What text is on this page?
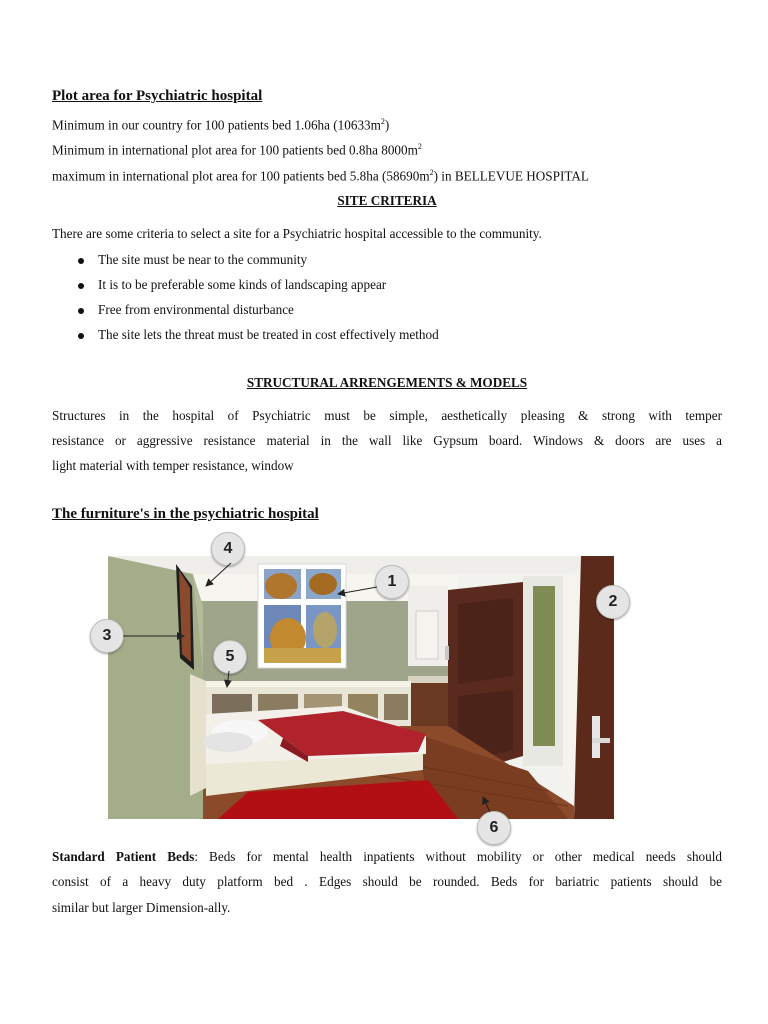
Plot area for Psychiatric hospital
Minimum in our country for 100 patients bed 1.06ha $(10633m^2)$
Minimum in international plot area for 100 patients bed 0.8ha $8000m^2$
maximum in international plot area for 100 patients bed 5.8ha $(58690m^2)$ in BELLEVUE HOSPITAL
SITE CRITERIA
There are some criteria to select a site for a Psychiatric hospital accessible to the community.
The site must be near to the community
It is to be preferable some kinds of landscaping appear
Free from environmental disturbance
The site lets the threat must be treated in cost effectively method
STRUCTURAL ARRENGEMENTS & MODELS
Structures in the hospital of Psychiatric must be simple, aesthetically pleasing & strong with temper
resistance or aggressive resistance material in the wall like Gypsum board. Windows & doors are uses a
light material with temper resistance, window
The furniture's in the psychiatric hospital
1
2
3
4
5
6
Standard Patient Beds: Beds for mental health inpatients without mobility or other medical needs should
consist of a heavy duty platform bed . Edges should be rounded. Beds for bariatric patients should be
similar but larger Dimension-ally.
